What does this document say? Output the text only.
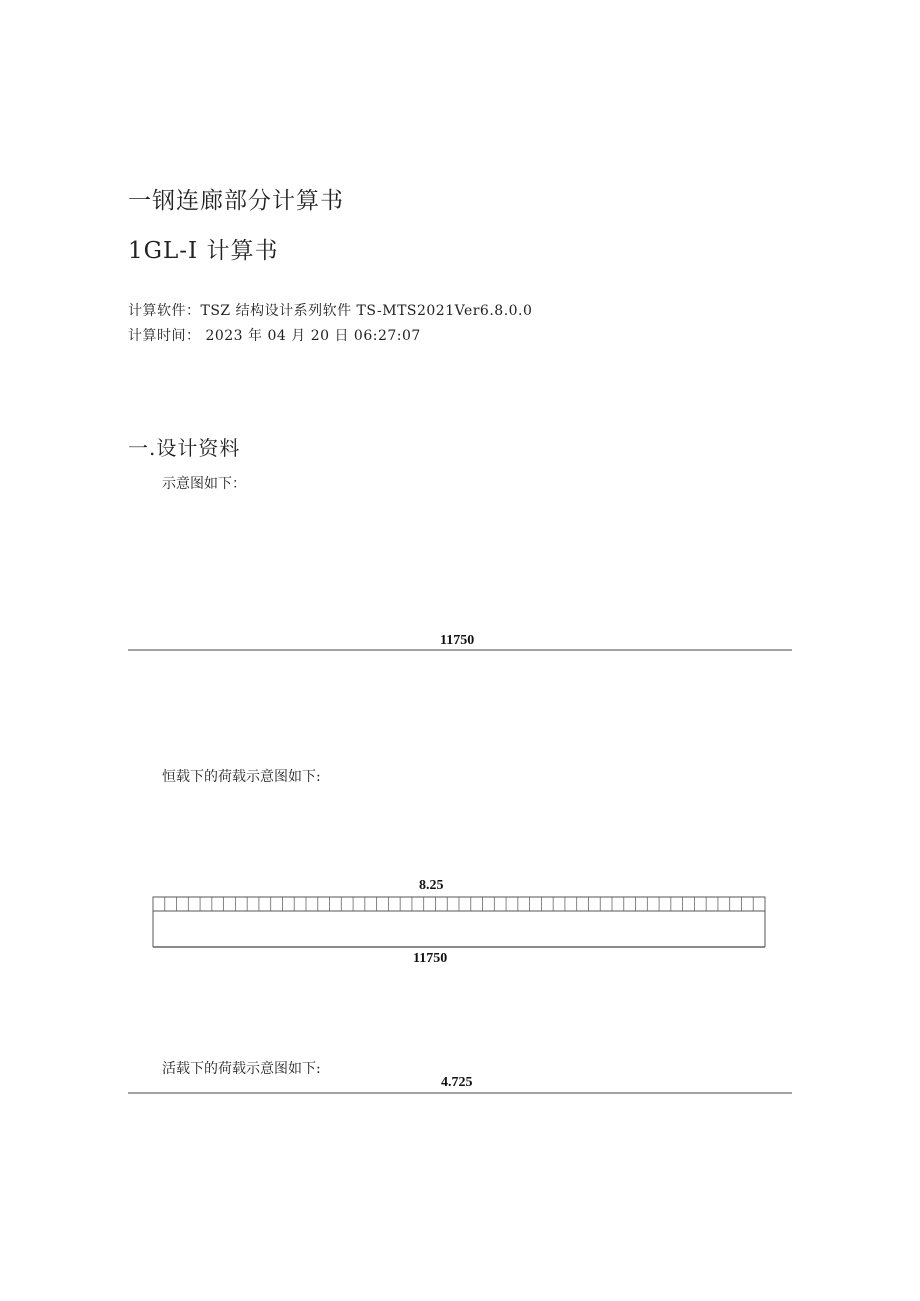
一钢连廊部分计算书
1GL-I 计算书
计算软件：TSZ 结构设计系列软件 TS-MTS2021Ver6.8.0.0
计算时间： 2023 年 04 月 20 日 06:27:07
一.设计资料
示意图如下：
11750
恒载下的荷载示意图如下:
8.25
11750
活载下的荷载示意图如下:
4.725
